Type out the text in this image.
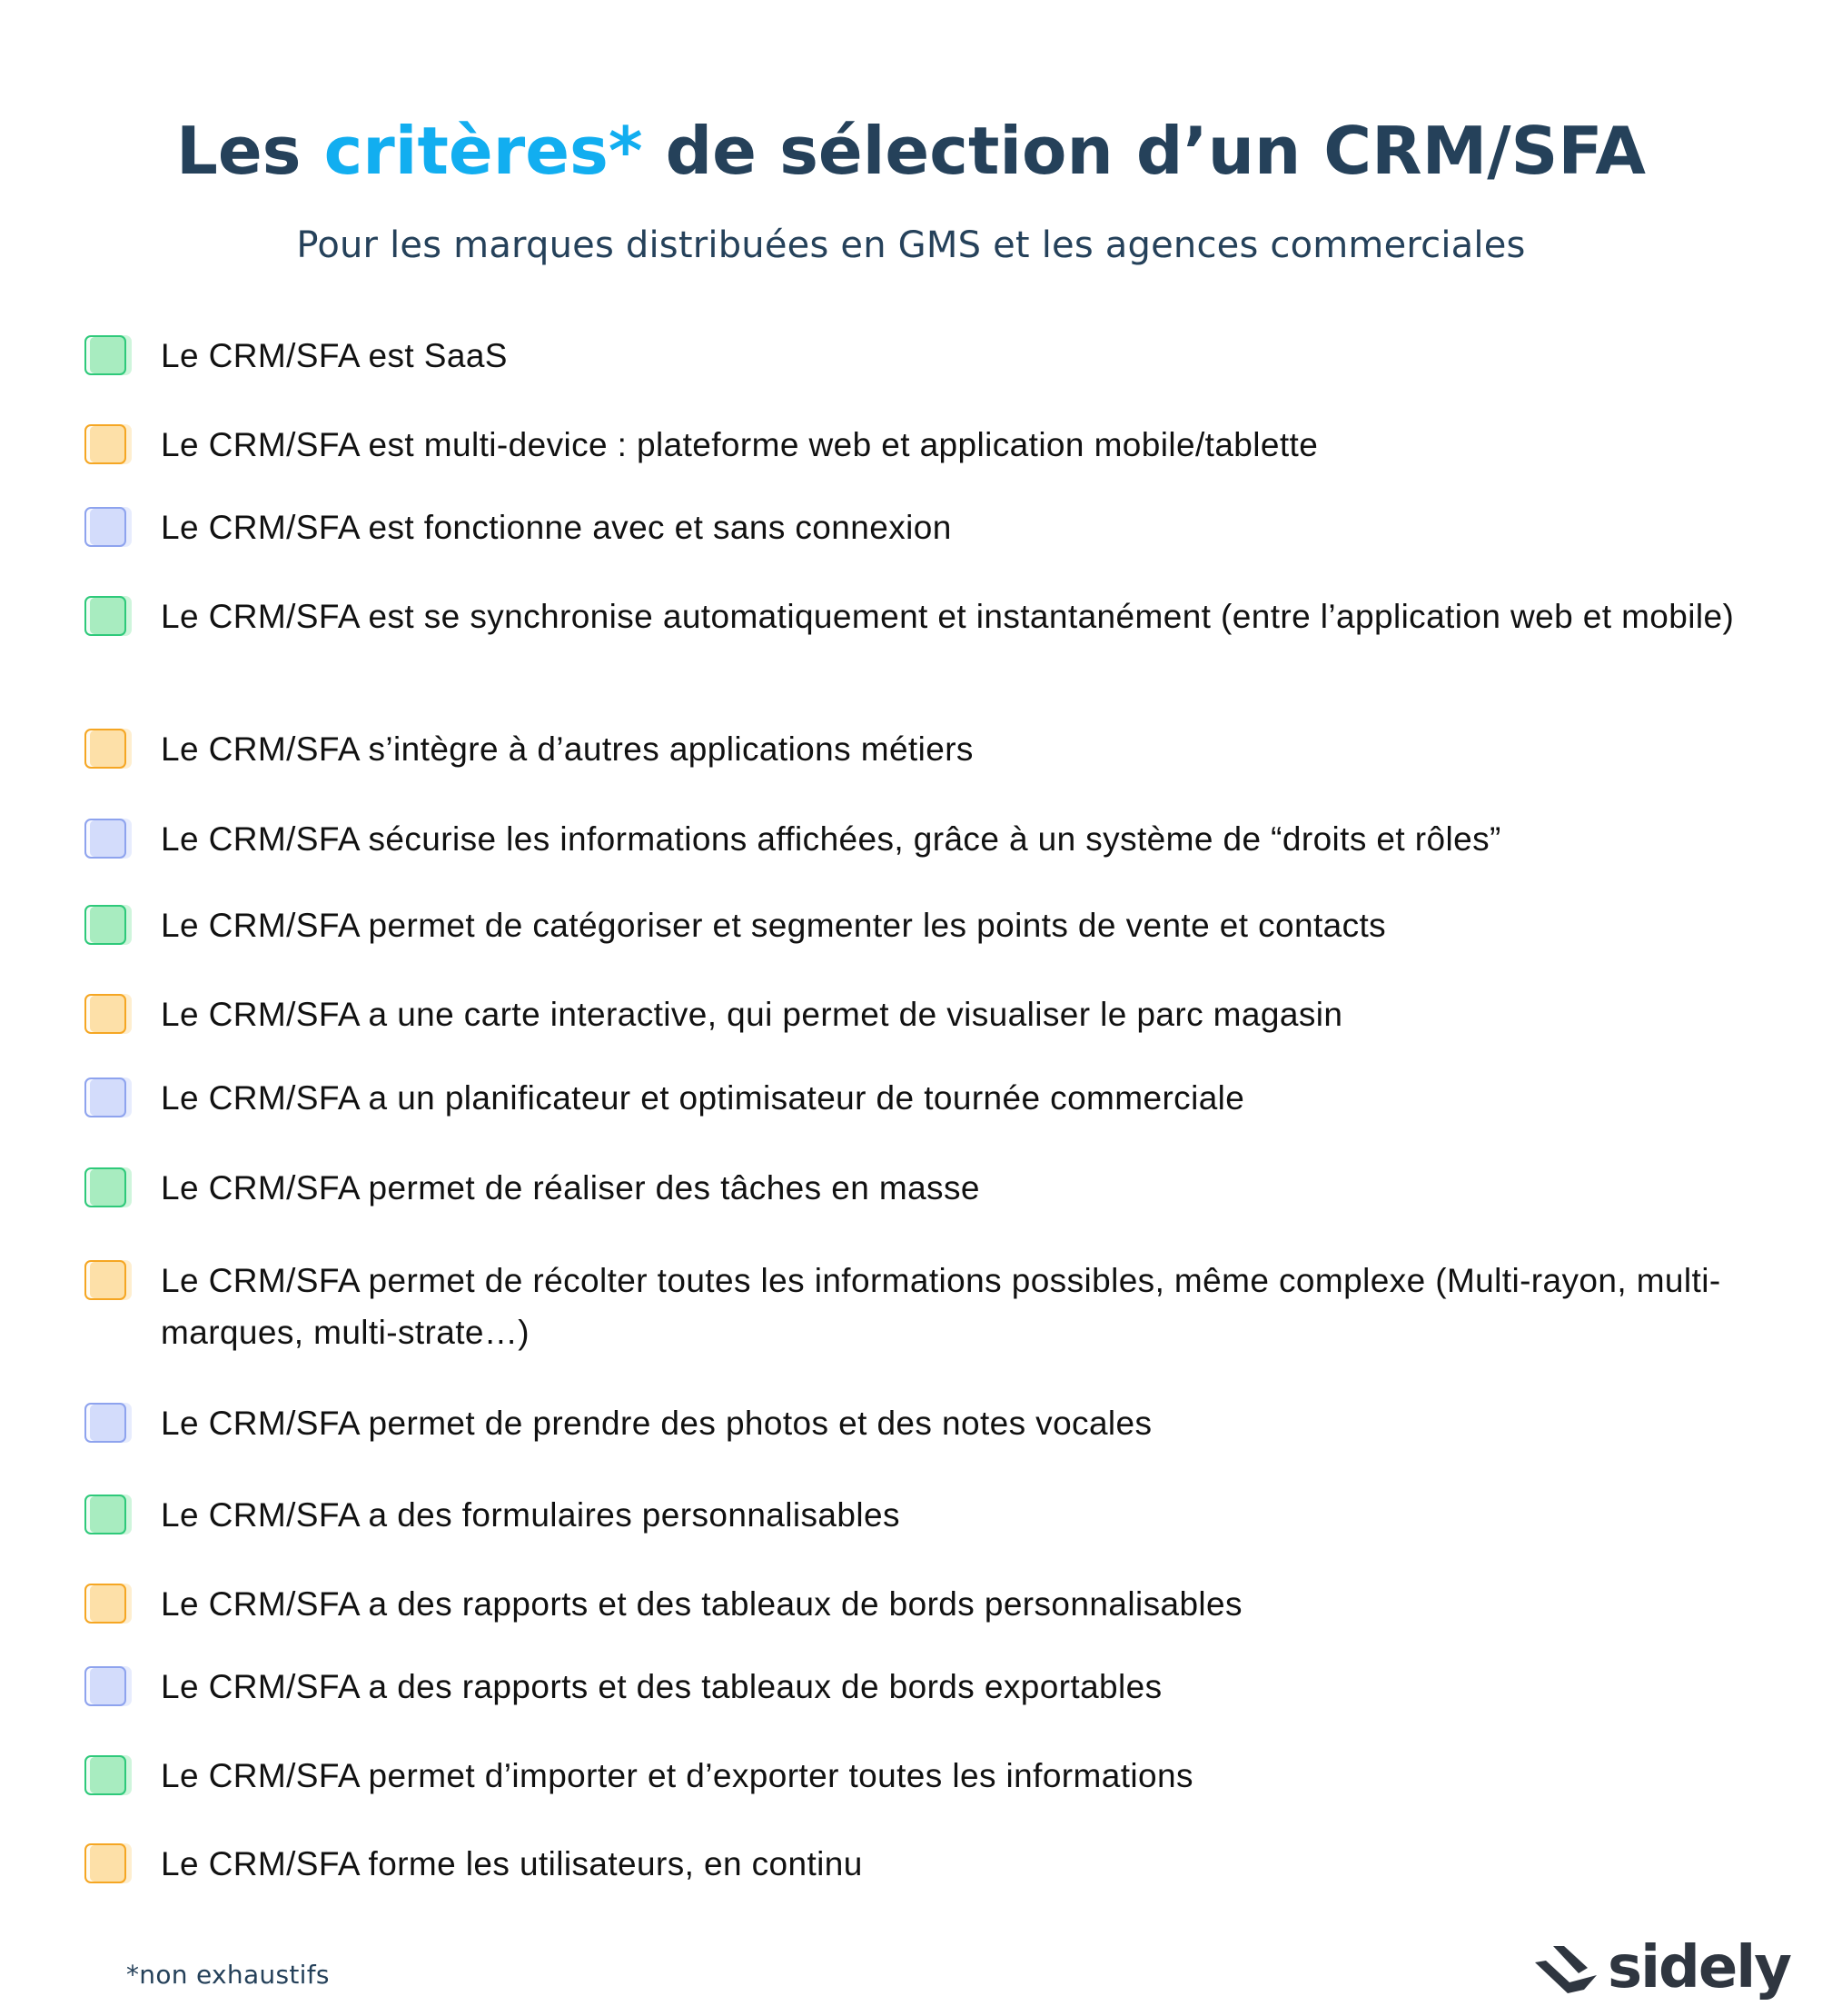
Les critères* de sélection d’un CRM/SFA
Pour les marques distribuées en GMS et les agences commerciales
Le CRM/SFA est SaaS
Le CRM/SFA est multi-device : plateforme web et application mobile/tablette
Le CRM/SFA est fonctionne avec et sans connexion
Le CRM/SFA est se synchronise automatiquement et instantanément (entre l’application web et mobile)
Le CRM/SFA s’intègre à d’autres applications métiers
Le CRM/SFA sécurise les informations affichées, grâce à un système de “droits et rôles”
Le CRM/SFA permet de catégoriser et segmenter les points de vente et contacts
Le CRM/SFA a une carte interactive, qui permet de visualiser le parc magasin
Le CRM/SFA a un planificateur et optimisateur de tournée commerciale
Le CRM/SFA permet de réaliser des tâches en masse
Le CRM/SFA permet de récolter toutes les informations possibles, même complexe (Multi-rayon, multi-marques, multi-strate…)
Le CRM/SFA permet de prendre des photos et des notes vocales
Le CRM/SFA a des formulaires personnalisables
Le CRM/SFA a des rapports et des tableaux de bords personnalisables
Le CRM/SFA a des rapports et des tableaux de bords exportables
Le CRM/SFA permet d’importer et d’exporter toutes les informations
Le CRM/SFA forme les utilisateurs, en continu
*non exhaustifs	sidely
